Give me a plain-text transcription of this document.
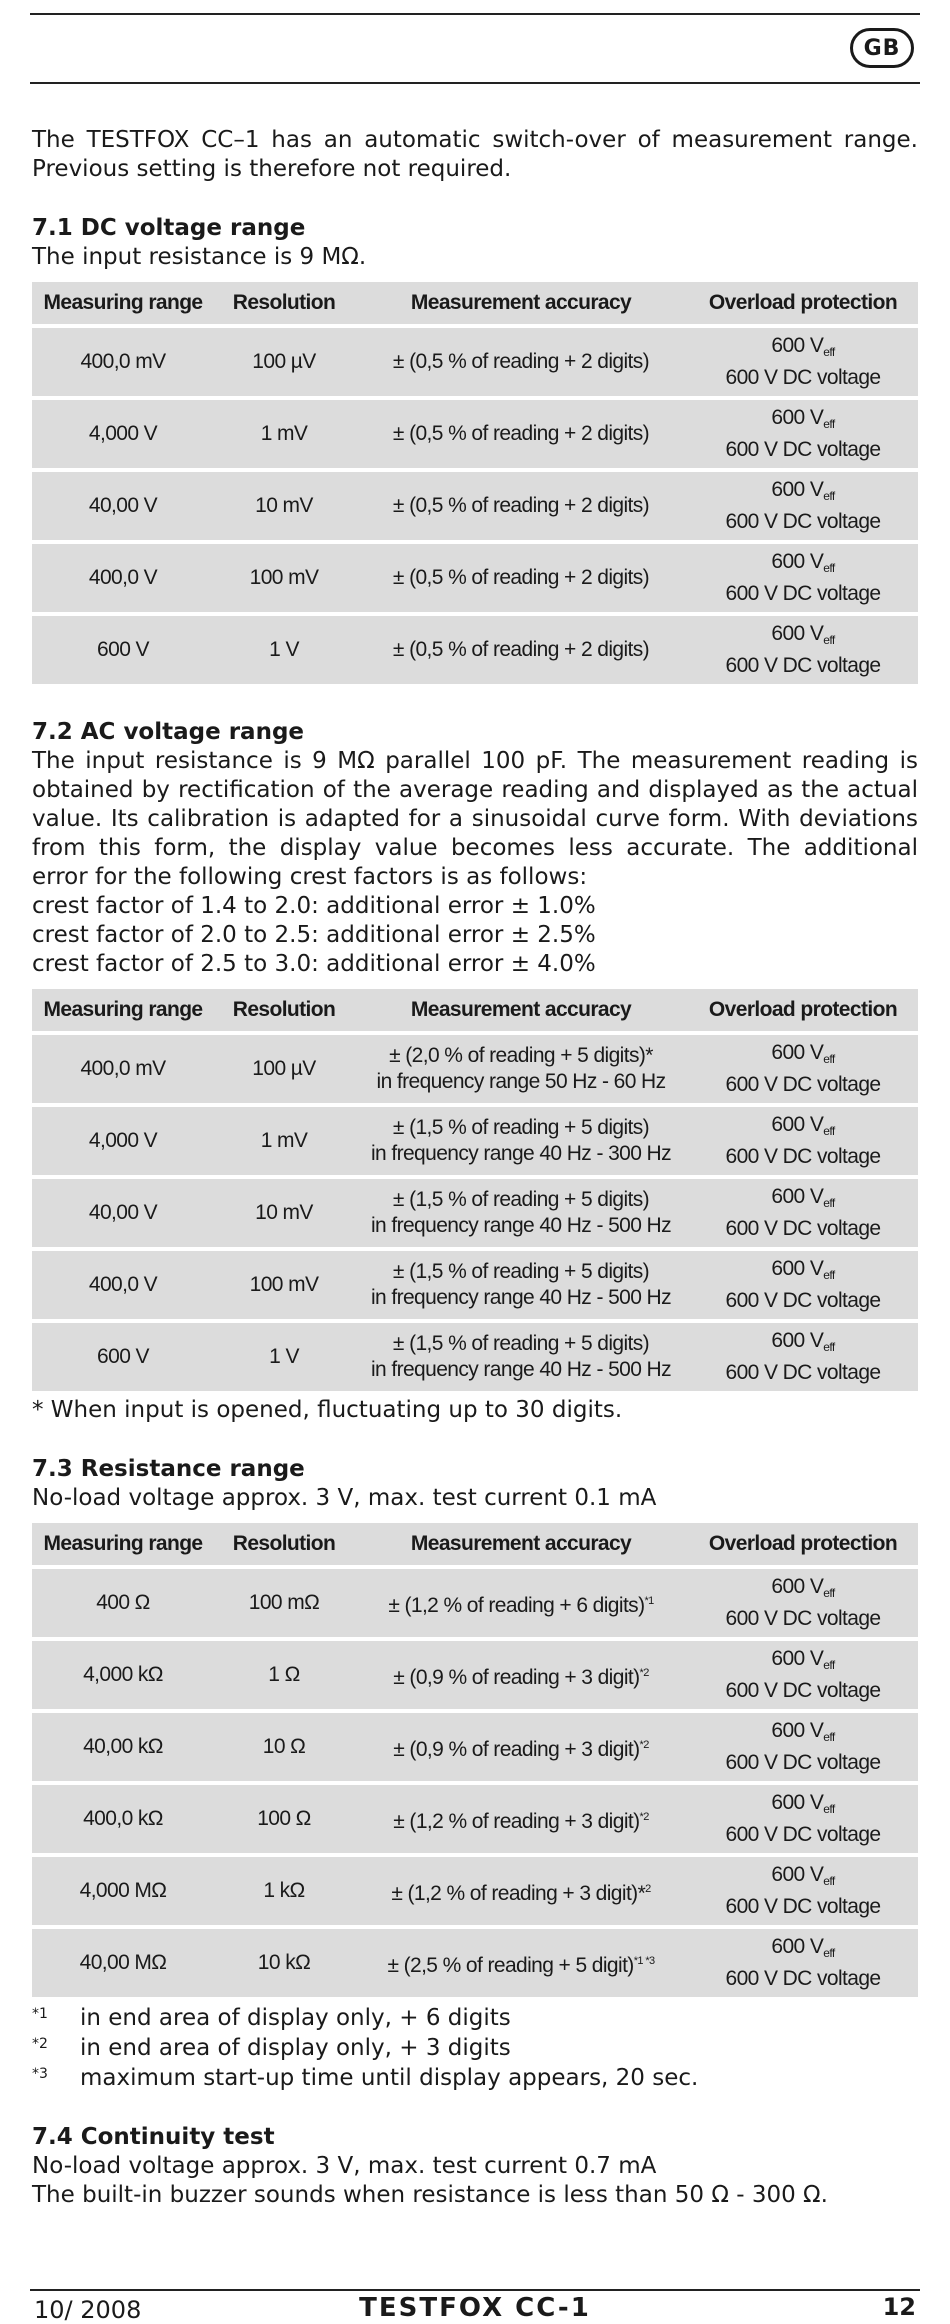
GB

The TESTFOX CC–1 has an automatic switch-over of measurement range. Previous setting is therefore not required.

7.1 DC voltage range

The input resistance is 9 MΩ.

Measuring range	Resolution	Measurement accuracy	Overload protection
400,0 mV	100 µV	± (0,5 % of reading + 2 digits)	600 $V_{eff}$
600 V DC voltage
4,000 V	1 mV	± (0,5 % of reading + 2 digits)	600 $V_{eff}$
600 V DC voltage
40,00 V	10 mV	± (0,5 % of reading + 2 digits)	600 $V_{eff}$
600 V DC voltage
400,0 V	100 mV	± (0,5 % of reading + 2 digits)	600 $V_{eff}$
600 V DC voltage
600 V	1 V	± (0,5 % of reading + 2 digits)	600 $V_{eff}$
600 V DC voltage
7.2 AC voltage range

The input resistance is 9 MΩ parallel 100 pF. The measurement reading is obtained by rectification of the average reading and displayed as the actual value. Its calibration is adapted for a sinusoidal curve form. With deviations from this form, the display value becomes less accurate. The additional error for the following crest factors is as follows:

crest factor of 1.4 to 2.0: additional error ± 1.0%

crest factor of 2.0 to 2.5: additional error ± 2.5%

crest factor of 2.5 to 3.0: additional error ± 4.0%

Measuring range	Resolution	Measurement accuracy	Overload protection
400,0 mV	100 µV	± (2,0 % of reading + 5 digits)*
in frequency range 50 Hz - 60 Hz	600 $V_{eff}$
600 V DC voltage
4,000 V	1 mV	± (1,5 % of reading + 5 digits)
in frequency range 40 Hz - 300 Hz	600 $V_{eff}$
600 V DC voltage
40,00 V	10 mV	± (1,5 % of reading + 5 digits)
in frequency range 40 Hz - 500 Hz	600 $V_{eff}$
600 V DC voltage
400,0 V	100 mV	± (1,5 % of reading + 5 digits)
in frequency range 40 Hz - 500 Hz	600 $V_{eff}$
600 V DC voltage
600 V	1 V	± (1,5 % of reading + 5 digits)
in frequency range 40 Hz - 500 Hz	600 $V_{eff}$
600 V DC voltage

* When input is opened, fluctuating up to 30 digits.

7.3 Resistance range

No-load voltage approx. 3 V, max. test current 0.1 mA

Measuring range	Resolution	Measurement accuracy	Overload protection
400 Ω	100 mΩ	± (1,2 % of reading + 6 digits)$^{*1}$	600 $V_{eff}$
600 V DC voltage
4,000 kΩ	1 Ω	± (0,9 % of reading + 3 digit)$^{*2}$	600 $V_{eff}$
600 V DC voltage
40,00 kΩ	10 Ω	± (0,9 % of reading + 3 digit)$^{*2}$	600 $V_{eff}$
600 V DC voltage
400,0 kΩ	100 Ω	± (1,2 % of reading + 3 digit)$^{*2}$	600 $V_{eff}$
600 V DC voltage
4,000 MΩ	1 kΩ	± (1,2 % of reading + 3 digit)*$^2$	600 $V_{eff}$
600 V DC voltage
40,00 MΩ	10 kΩ	± (2,5 % of reading + 5 digit)$^{*1 *3}$	600 $V_{eff}$
600 V DC voltage
*1	in end area of display only, + 6 digits
*2	in end area of display only, + 3 digits
*3	maximum start-up time until display appears, 20 sec.
7.4 Continuity test

No-load voltage approx. 3 V, max. test current 0.7 mA

The built-in buzzer sounds when resistance is less than 50 Ω - 300 Ω.

10/ 2008	TESTFOX CC-1	12
